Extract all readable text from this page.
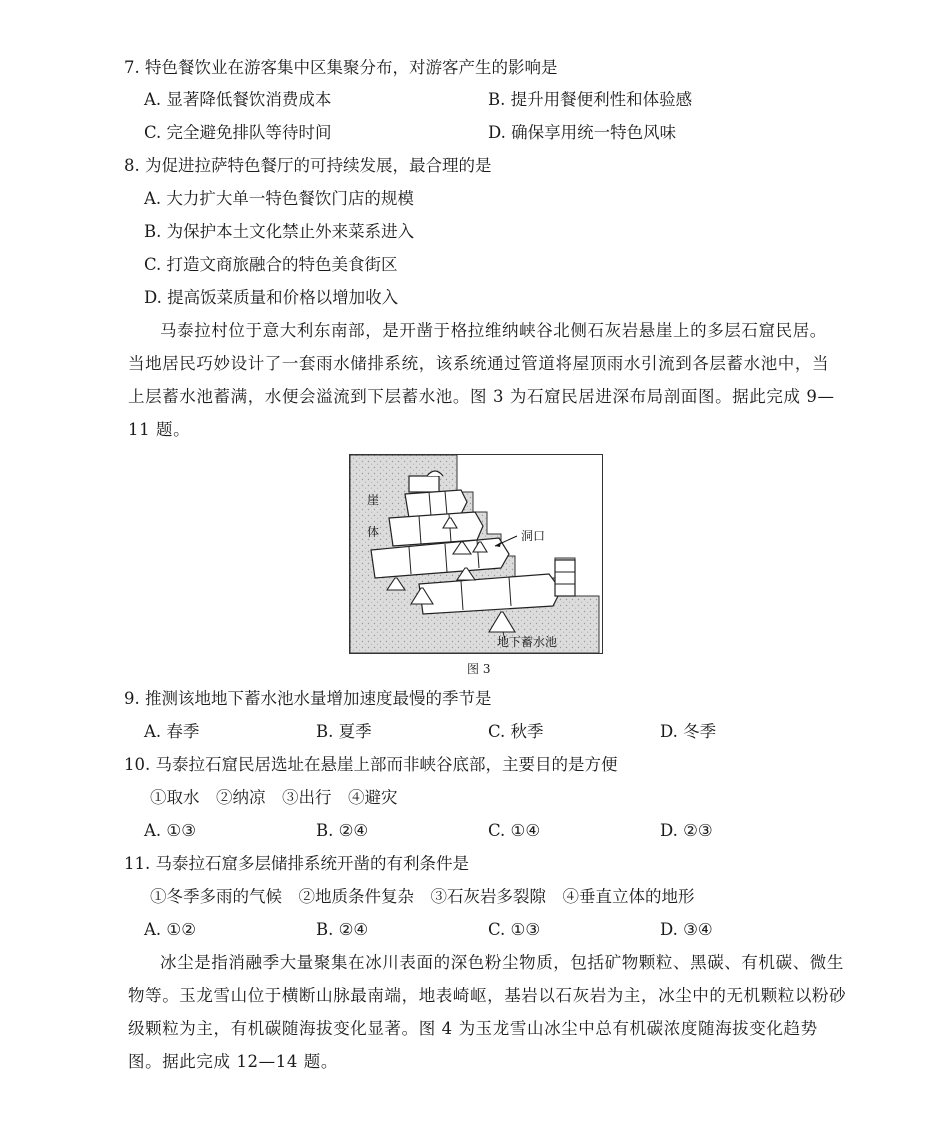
7. 特色餐饮业在游客集中区集聚分布，对游客产生的影响是
A. 显著降低餐饮消费成本	B. 提升用餐便利性和体验感
C. 完全避免排队等待时间	D. 确保享用统一特色风味
8. 为促进拉萨特色餐厅的可持续发展，最合理的是
A. 大力扩大单一特色餐饮门店的规模
B. 为保护本土文化禁止外来菜系进入
C. 打造文商旅融合的特色美食街区
D. 提高饭菜质量和价格以增加收入
马泰拉村位于意大利东南部，是开凿于格拉维纳峡谷北侧石灰岩悬崖上的多层石窟民居。
当地居民巧妙设计了一套雨水储排系统，该系统通过管道将屋顶雨水引流到各层蓄水池中，当
上层蓄水池蓄满，水便会溢流到下层蓄水池。图 3 为石窟民居进深布局剖面图。据此完成 9—
11 题。
崖
体	洞口
地下蓄水池
图 3
9. 推测该地地下蓄水池水量增加速度最慢的季节是
A. 春季	B. 夏季	C. 秋季	D. 冬季
10. 马泰拉石窟民居选址在悬崖上部而非峡谷底部，主要目的是方便
①取水　②纳凉　③出行　④避灾
A. ①③	B. ②④	C. ①④	D. ②③
11. 马泰拉石窟多层储排系统开凿的有利条件是
①冬季多雨的气候　②地质条件复杂　③石灰岩多裂隙　④垂直立体的地形
A. ①②	B. ②④	C. ①③	D. ③④
冰尘是指消融季大量聚集在冰川表面的深色粉尘物质，包括矿物颗粒、黑碳、有机碳、微生
物等。玉龙雪山位于横断山脉最南端，地表崎岖，基岩以石灰岩为主，冰尘中的无机颗粒以粉砂
级颗粒为主，有机碳随海拔变化显著。图 4 为玉龙雪山冰尘中总有机碳浓度随海拔变化趋势
图。据此完成 12—14 题。
